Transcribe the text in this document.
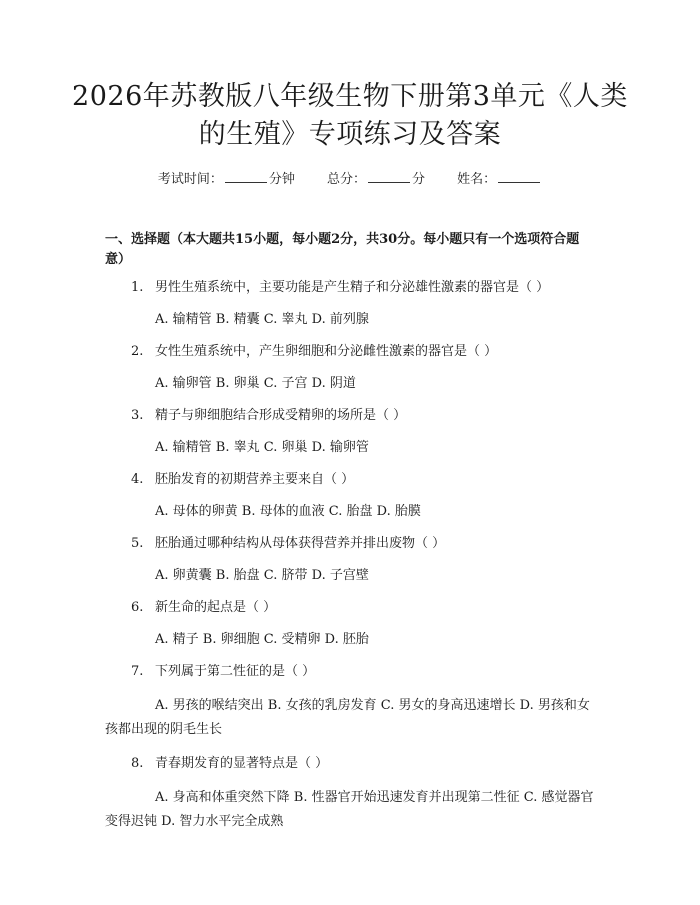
2026年苏教版八年级生物下册第3单元《人类的生殖》专项练习及答案
考试时间：	分钟 总分：	分 姓名：
一、选择题（本大题共15小题，每小题2分，共30分。每小题只有一个选项符合题意）
1. 男性生殖系统中，主要功能是产生精子和分泌雄性激素的器官是（ ）
A. 输精管 B. 精囊 C. 睾丸 D. 前列腺
2. 女性生殖系统中，产生卵细胞和分泌雌性激素的器官是（ ）
A. 输卵管 B. 卵巢 C. 子宫 D. 阴道
3. 精子与卵细胞结合形成受精卵的场所是（ ）
A. 输精管 B. 睾丸 C. 卵巢 D. 输卵管
4. 胚胎发育的初期营养主要来自（ ）
A. 母体的卵黄 B. 母体的血液 C. 胎盘 D. 胎膜
5. 胚胎通过哪种结构从母体获得营养并排出废物（ ）
A. 卵黄囊 B. 胎盘 C. 脐带 D. 子宫壁
6. 新生命的起点是（ ）
A. 精子 B. 卵细胞 C. 受精卵 D. 胚胎
7. 下列属于第二性征的是（ ）
A. 男孩的喉结突出 B. 女孩的乳房发育 C. 男女的身高迅速增长 D. 男孩和女孩都出现的阴毛生长
8. 青春期发育的显著特点是（ ）
A. 身高和体重突然下降 B. 性器官开始迅速发育并出现第二性征 C. 感觉器官变得迟钝 D. 智力水平完全成熟
